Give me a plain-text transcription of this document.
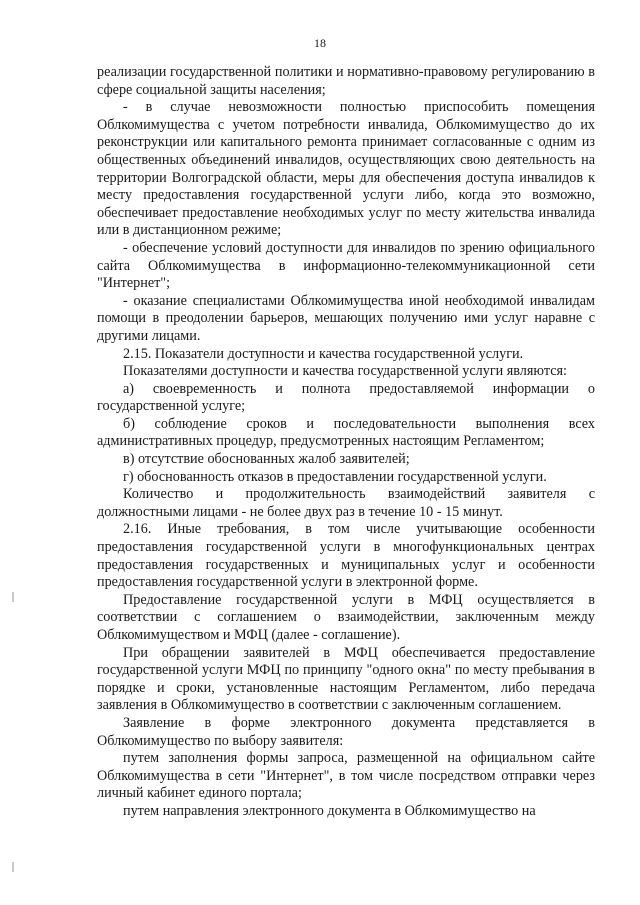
18

реализации государственной политики и нормативно-правовому регулированию в сфере социальной защиты населения;

- в случае невозможности полностью приспособить помещения Облкомимущества с учетом потребности инвалида, Облкомимущество до их реконструкции или капитального ремонта принимает согласованные с одним из общественных объединений инвалидов, осуществляющих свою деятельность на территории Волгоградской области, меры для обеспечения доступа инвалидов к месту предоставления государственной услуги либо, когда это возможно, обеспечивает предоставление необходимых услуг по месту жительства инвалида или в дистанционном режиме;

- обеспечение условий доступности для инвалидов по зрению официального сайта Облкомимущества в информационно-телекоммуникационной сети "Интернет";

- оказание специалистами Облкомимущества иной необходимой инвалидам помощи в преодолении барьеров, мешающих получению ими услуг наравне с другими лицами.

2.15. Показатели доступности и качества государственной услуги.

Показателями доступности и качества государственной услуги являются:

а) своевременность и полнота предоставляемой информации о государственной услуге;

б) соблюдение сроков и последовательности выполнения всех административных процедур, предусмотренных настоящим Регламентом;

в) отсутствие обоснованных жалоб заявителей;

г) обоснованность отказов в предоставлении государственной услуги.

Количество и продолжительность взаимодействий заявителя с должностными лицами - не более двух раз в течение 10 - 15 минут.

2.16. Иные требования, в том числе учитывающие особенности предоставления государственной услуги в многофункциональных центрах предоставления государственных и муниципальных услуг и особенности предоставления государственной услуги в электронной форме.

Предоставление государственной услуги в МФЦ осуществляется в соответствии с соглашением о взаимодействии, заключенным между Облкомимуществом и МФЦ (далее - соглашение).

При обращении заявителей в МФЦ обеспечивается предоставление государственной услуги МФЦ по принципу "одного окна" по месту пребывания в порядке и сроки, установленные настоящим Регламентом, либо передача заявления в Облкомимущество в соответствии с заключенным соглашением.

Заявление в форме электронного документа представляется в Облкомимущество по выбору заявителя:

путем заполнения формы запроса, размещенной на официальном сайте Облкомимущества в сети "Интернет", в том числе посредством отправки через личный кабинет единого портала;

путем направления электронного документа в Облкомимущество на
